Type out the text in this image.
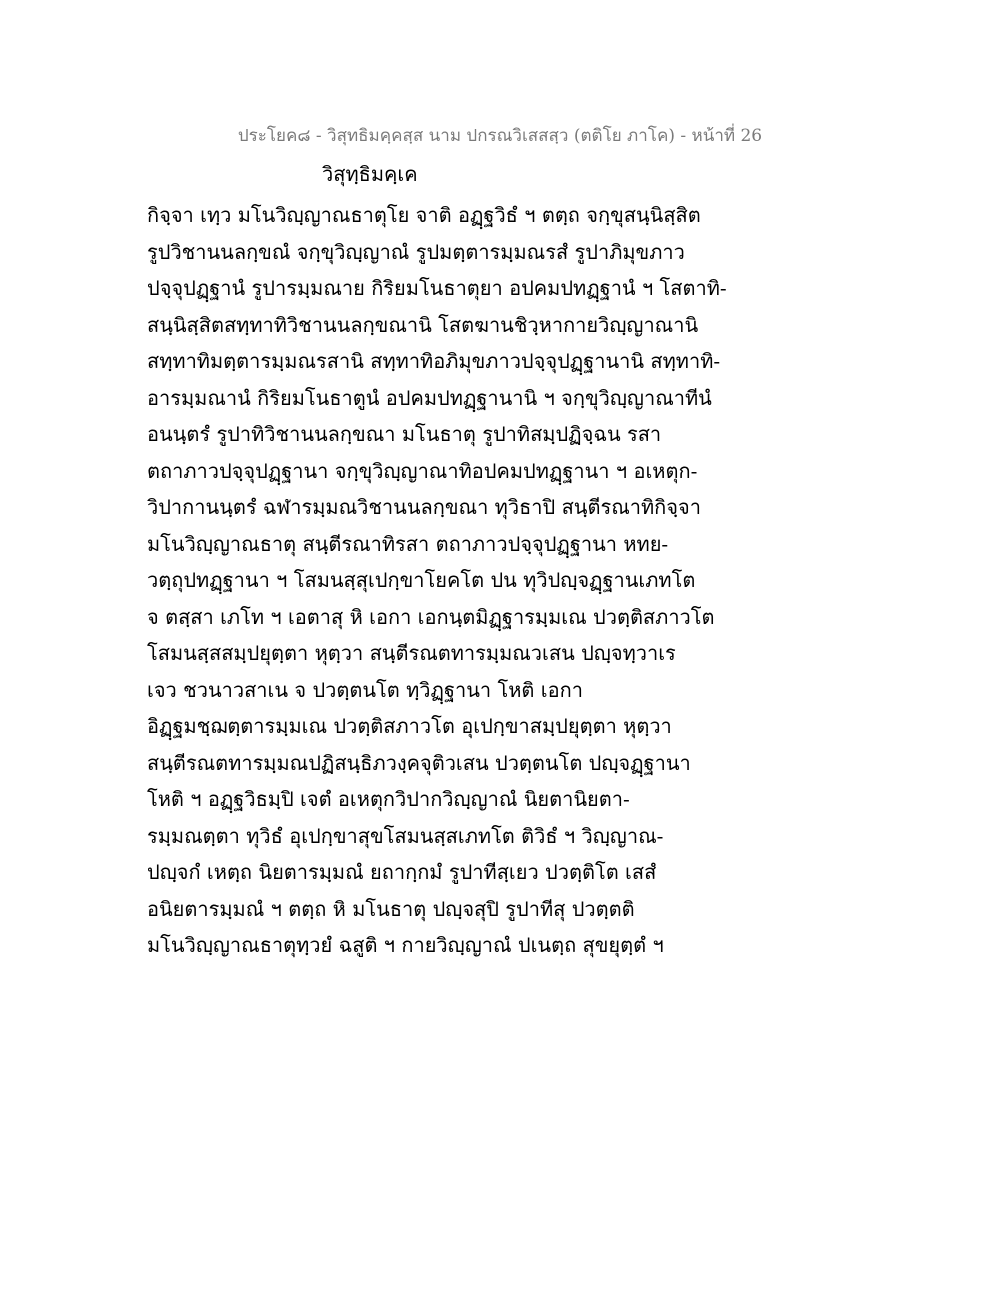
ประโยค๘ - วิสุทธิมคฺคสฺส นาม ปกรณวิเสสสฺว (ตติโย ภาโค) - หน้าที่ 26
วิสุทฺธิมคฺเค
กิจฺจา เทฺว มโนวิญฺญาณธาตุโย จาติ อฏฺฐวิธํ ฯ ตตฺถ จกฺขุสนฺนิสฺสิต
รูปวิชานนลกฺขณํ จกฺขุวิญฺญาณํ รูปมตฺตารมฺมณรสํ รูปาภิมุขภาว
ปจฺจุปฏฺฐานํ รูปารมฺมณาย กิริยมโนธาตุยา อปคมปทฏฺฐานํ ฯ โสตาทิ-
สนฺนิสฺสิตสทฺทาทิวิชานนลกฺขณานิ โสตฆานชิวฺหากายวิญฺญาณานิ
สทฺทาทิมตฺตารมฺมณรสานิ สทฺทาทิอภิมุขภาวปจฺจุปฏฺฐานานิ สทฺทาทิ-
อารมฺมณานํ กิริยมโนธาตูนํ อปคมปทฏฺฐานานิ ฯ จกฺขุวิญฺญาณาทีนํ
อนนฺตรํ รูปาทิวิชานนลกฺขณา มโนธาตุ รูปาทิสมฺปฏิจฺฉน รสา
ตถาภาวปจฺจุปฏฺฐานา จกฺขุวิญฺญาณาทิอปคมปทฏฺฐานา ฯ อเหตุก-
วิปากานนฺตรํ ฉฬารมฺมณวิชานนลกฺขณา ทุวิธาปิ สนฺตีรณาทิกิจฺจา
มโนวิญฺญาณธาตุ สนฺตีรณาทิรสา ตถาภาวปจฺจุปฏฺฐานา หทย-
วตฺถุปทฏฺฐานา ฯ โสมนสฺสุเปกฺขาโยคโต ปน ทุวิปญฺจฏฺฐานเภทโต
จ ตสฺสา เภโท ฯ เอตาสุ หิ เอกา เอกนฺตมิฏฺฐารมฺมเณ ปวตฺติสภาวโต
โสมนสฺสสมฺปยุตฺตา หุตฺวา สนฺตีรณตทารมฺมณวเสน ปญฺจทฺวาเร
เจว ชวนาวสาเน จ ปวตฺตนโต ทฺวิฏฺฐานา โหติ เอกา
อิฏฺฐมชฺฌตฺตารมฺมเณ ปวตฺติสภาวโต อุเปกฺขาสมฺปยุตฺตา หุตฺวา
สนฺตีรณตทารมฺมณปฏิสนฺธิภวงฺคจุติวเสน ปวตฺตนโต ปญฺจฏฺฐานา
โหติ ฯ อฏฺฐวิธมฺปิ เจตํ อเหตุกวิปากวิญฺญาณํ นิยตานิยตา-
รมฺมณตฺตา ทุวิธํ อุเปกฺขาสุขโสมนสฺสเภทโต ติวิธํ ฯ วิญฺญาณ-
ปญฺจกํ เหตฺถ นิยตารมฺมณํ ยถากฺกมํ รูปาทีสฺเยว ปวตฺติโต เสสํ
อนิยตารมฺมณํ ฯ ตตฺถ หิ มโนธาตุ ปญฺจสุปิ รูปาทีสุ ปวตฺตติ
มโนวิญฺญาณธาตุทฺวยํ ฉสูติ ฯ กายวิญฺญาณํ ปเนตฺถ สุขยุตฺตํ ฯ
